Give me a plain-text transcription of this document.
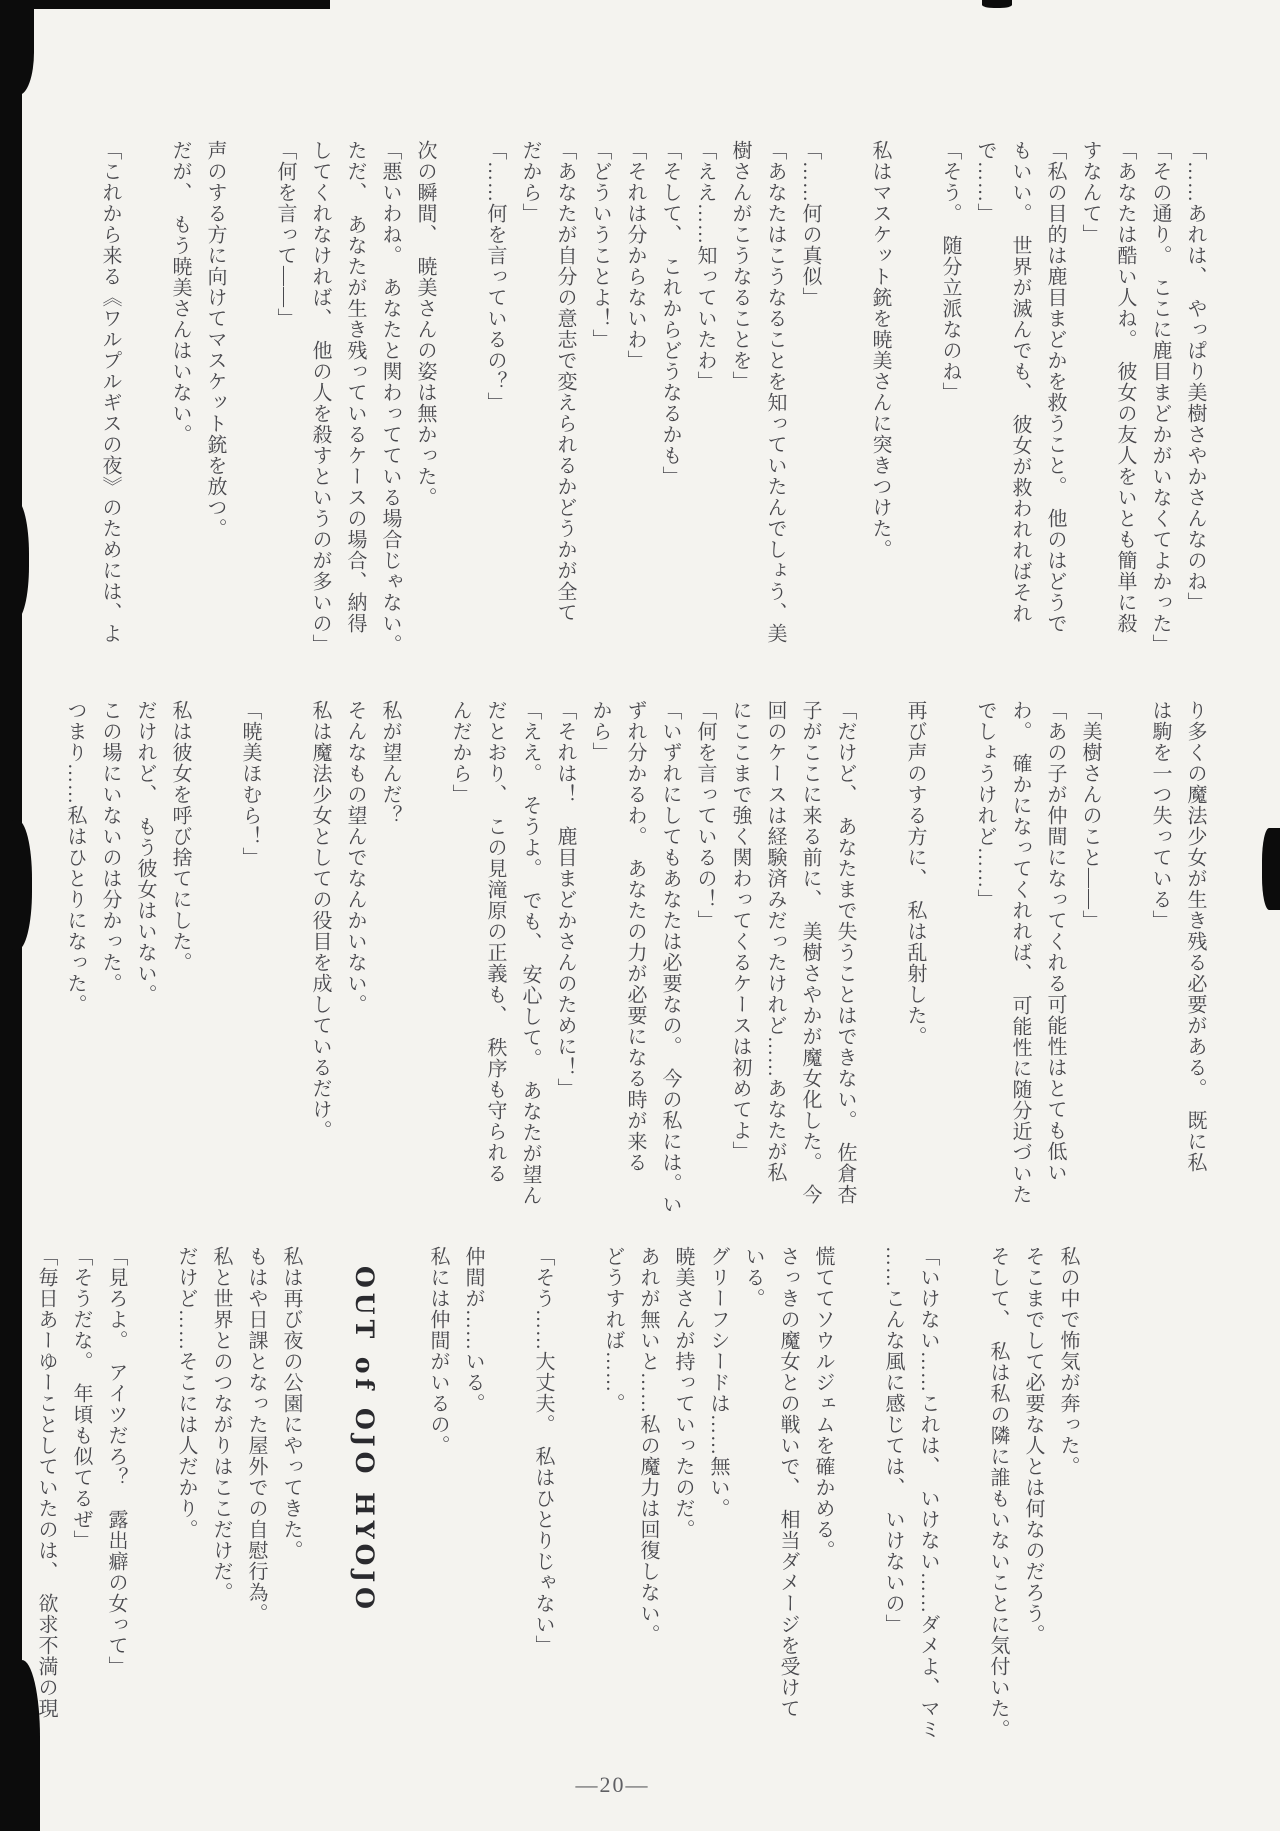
「……あれは、　やっぱり美樹さやかさんなのね」
「その通り。　ここに鹿目まどかがいなくてよかった」
「あなたは酷い人ね。　彼女の友人をいとも簡単に殺
すなんて」
「私の目的は鹿目まどかを救うこと。　他のはどうで
もいい。　世界が滅んでも、　彼女が救われればそれ
で……」
「そう。　随分立派なのね」
私はマスケット銃を暁美さんに突きつけた。
「……何の真似」
「あなたはこうなることを知っていたんでしょう、美
樹さんがこうなることを」
「ええ……知っていたわ」
「そして、　これからどうなるかも」
「それは分からないわ」
「どういうことよ！」
「あなたが自分の意志で変えられるかどうかが全て
だから」
「……何を言っているの？」
次の瞬間、　暁美さんの姿は無かった。
「悪いわね。　あなたと関わってている場合じゃない。
ただ、　あなたが生き残っているケースの場合、納得
してくれなければ、　他の人を殺すというのが多いの」
「何を言って――」
声のする方に向けてマスケット銃を放つ。
だが、　もう暁美さんはいない。
「これから来る《ワルプルギスの夜》のためには、よ
り多くの魔法少女が生き残る必要がある。　既に私
は駒を一つ失っている」
「美樹さんのこと――」
「あの子が仲間になってくれる可能性はとても低い
わ。　確かになってくれれば、　可能性に随分近づいた
でしょうけれど……」
再び声のする方に、　私は乱射した。
「だけど、　あなたまで失うことはできない。　佐倉杏
子がここに来る前に、　美樹さやかが魔女化した。　今
回のケースは経験済みだったけれど……あなたが私
にここまで強く関わってくるケースは初めてよ」
「何を言っているの！」
「いずれにしてもあなたは必要なの。　今の私には。い
ずれ分かるわ。　あなたの力が必要になる時が来る
から」
「それは！　鹿目まどかさんのために！」
「ええ。　そうよ。　でも、　安心して。　あなたが望ん
だとおり、　この見滝原の正義も、　秩序も守られる
んだから」
私が望んだ？
そんなもの望んでなんかいない。
私は魔法少女としての役目を成しているだけ。
「暁美ほむら！」
私は彼女を呼び捨てにした。
だけれど、　もう彼女はいない。
この場にいないのは分かった。
つまり……私はひとりになった。
私の中で怖気が奔った。
そこまでして必要な人とは何なのだろう。
そして、　私は私の隣に誰もいないことに気付いた。
「いけない……これは、　いけない……ダメよ、マミ
……こんな風に感じては、　いけないの」
慌ててソウルジェムを確かめる。
さっきの魔女との戦いで、　相当ダメージを受けて
いる。
グリーフシードは……無い。
暁美さんが持っていったのだ。
あれが無いと……私の魔力は回復しない。
どうすれば……。
「そう……大丈夫。　私はひとりじゃない」
仲間が……いる。
私には仲間がいるの。
OUT of OJO HYOJO
私は再び夜の公園にやってきた。
もはや日課となった屋外での自慰行為。
私と世界とのつながりはここだけだ。
だけど……そこには人だかり。
「見ろよ。　アイツだろ？　露出癖の女って」
「そうだな。　年頃も似てるぜ」
「毎日あーゆーことしていたのは、　欲求不満の現
—20—
